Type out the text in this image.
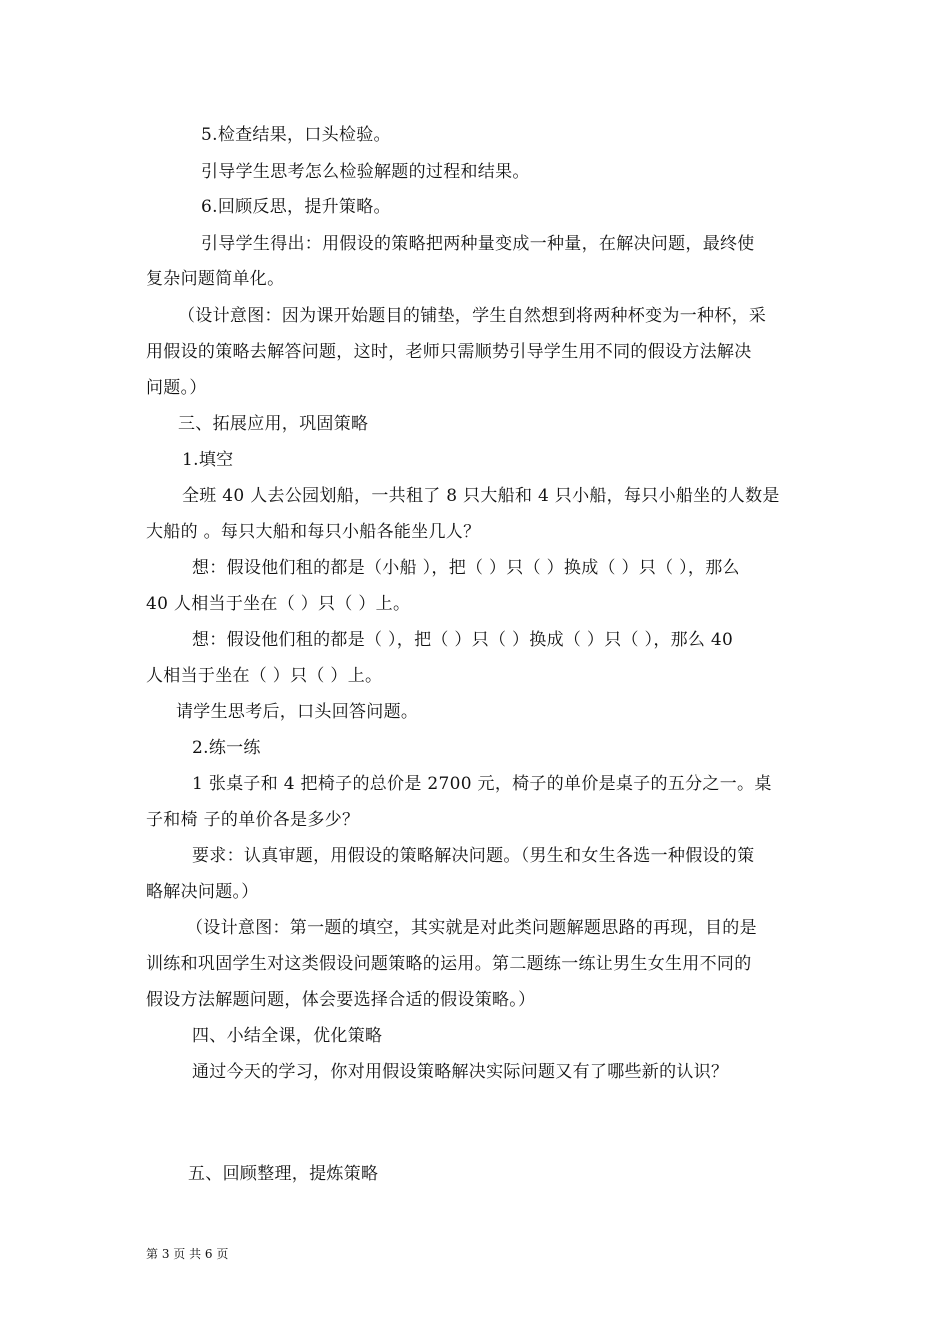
5.检查结果，口头检验。
引导学生思考怎么检验解题的过程和结果。
6.回顾反思，提升策略。
引导学生得出：用假设的策略把两种量变成一种量，在解决问题，最终使
复杂问题简单化。
（设计意图：因为课开始题目的铺垫，学生自然想到将两种杯变为一种杯，采
用假设的策略去解答问题，这时，老师只需顺势引导学生用不同的假设方法解决
问题。）
三、拓展应用，巩固策略
1.填空
全班 40 人去公园划船，一共租了 8 只大船和 4 只小船，每只小船坐的人数是
大船的 。每只大船和每只小船各能坐几人？
想：假设他们租的都是（小船 ），把（ ）只（ ）换成（ ）只（ ），那么
40 人相当于坐在（ ）只（ ）上。
想：假设他们租的都是（ ），把（ ）只（ ）换成（ ）只（ ），那么 40
人相当于坐在（ ）只（ ）上。
请学生思考后，口头回答问题。
2.练一练
1 张桌子和 4 把椅子的总价是 2700 元，椅子的单价是桌子的五分之一。桌
子和椅 子的单价各是多少？
要求：认真审题，用假设的策略解决问题。（男生和女生各选一种假设的策
略解决问题。）
（设计意图：第一题的填空，其实就是对此类问题解题思路的再现，目的是
训练和巩固学生对这类假设问题策略的运用。第二题练一练让男生女生用不同的
假设方法解题问题，体会要选择合适的假设策略。）
四、小结全课，优化策略
通过今天的学习，你对用假设策略解决实际问题又有了哪些新的认识？
五、回顾整理，提炼策略
第 3 页 共 6 页
